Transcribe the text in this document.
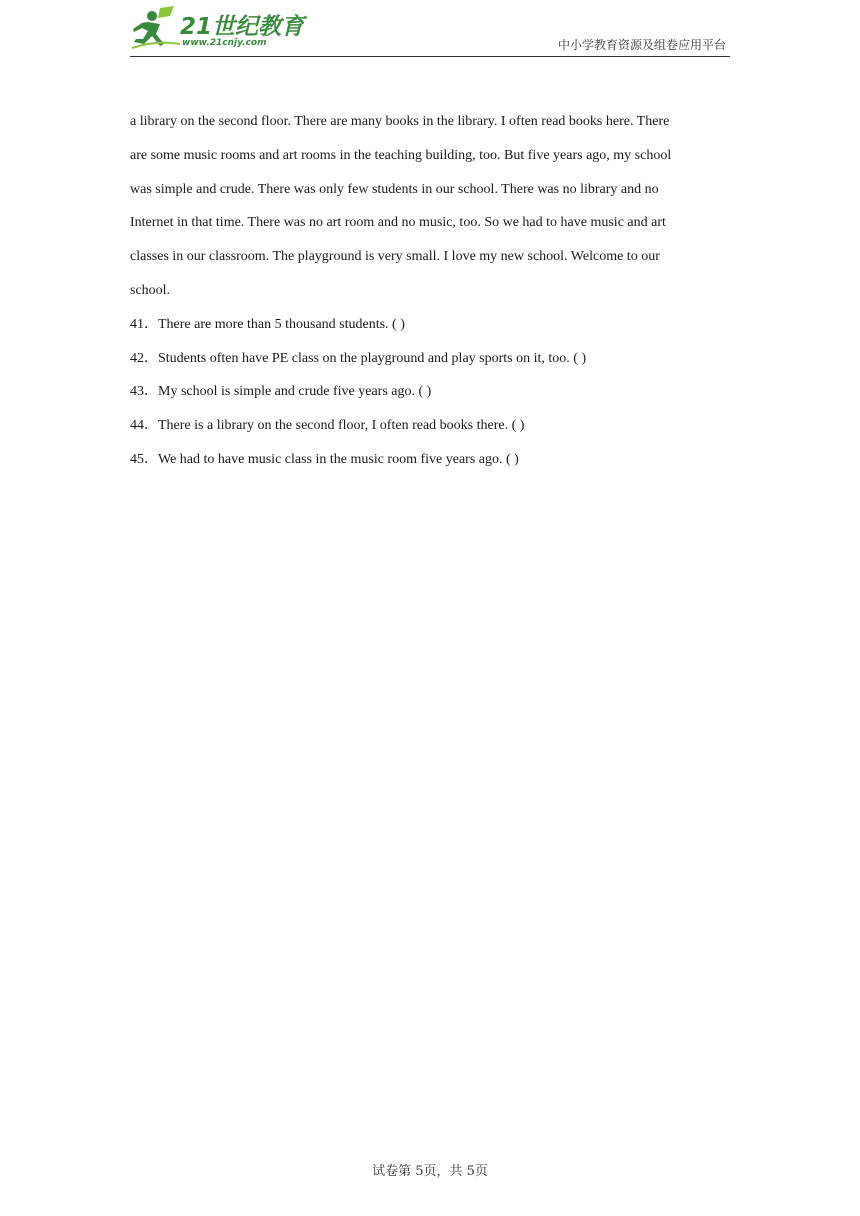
21世纪教育
www.21cnjy.com	中小学教育资源及组卷应用平台

a library on the second floor. There are many books in the library. I often read books here. There
are some music rooms and art rooms in the teaching building, too. But five years ago, my school
was simple and crude. There was only few students in our school. There was no library and no
Internet in that time. There was no art room and no music, too. So we had to have music and art
classes in our classroom. The playground is very small. I love my new school. Welcome to our
school.

41．There are more than 5 thousand students. ( )
42．Students often have PE class on the playground and play sports on it, too. ( )
43．My school is simple and crude five years ago. ( )
44．There is a library on the second floor, I often read books there. ( )
45．We had to have music class in the music room five years ago. ( )
试卷第 5页，共 5页
